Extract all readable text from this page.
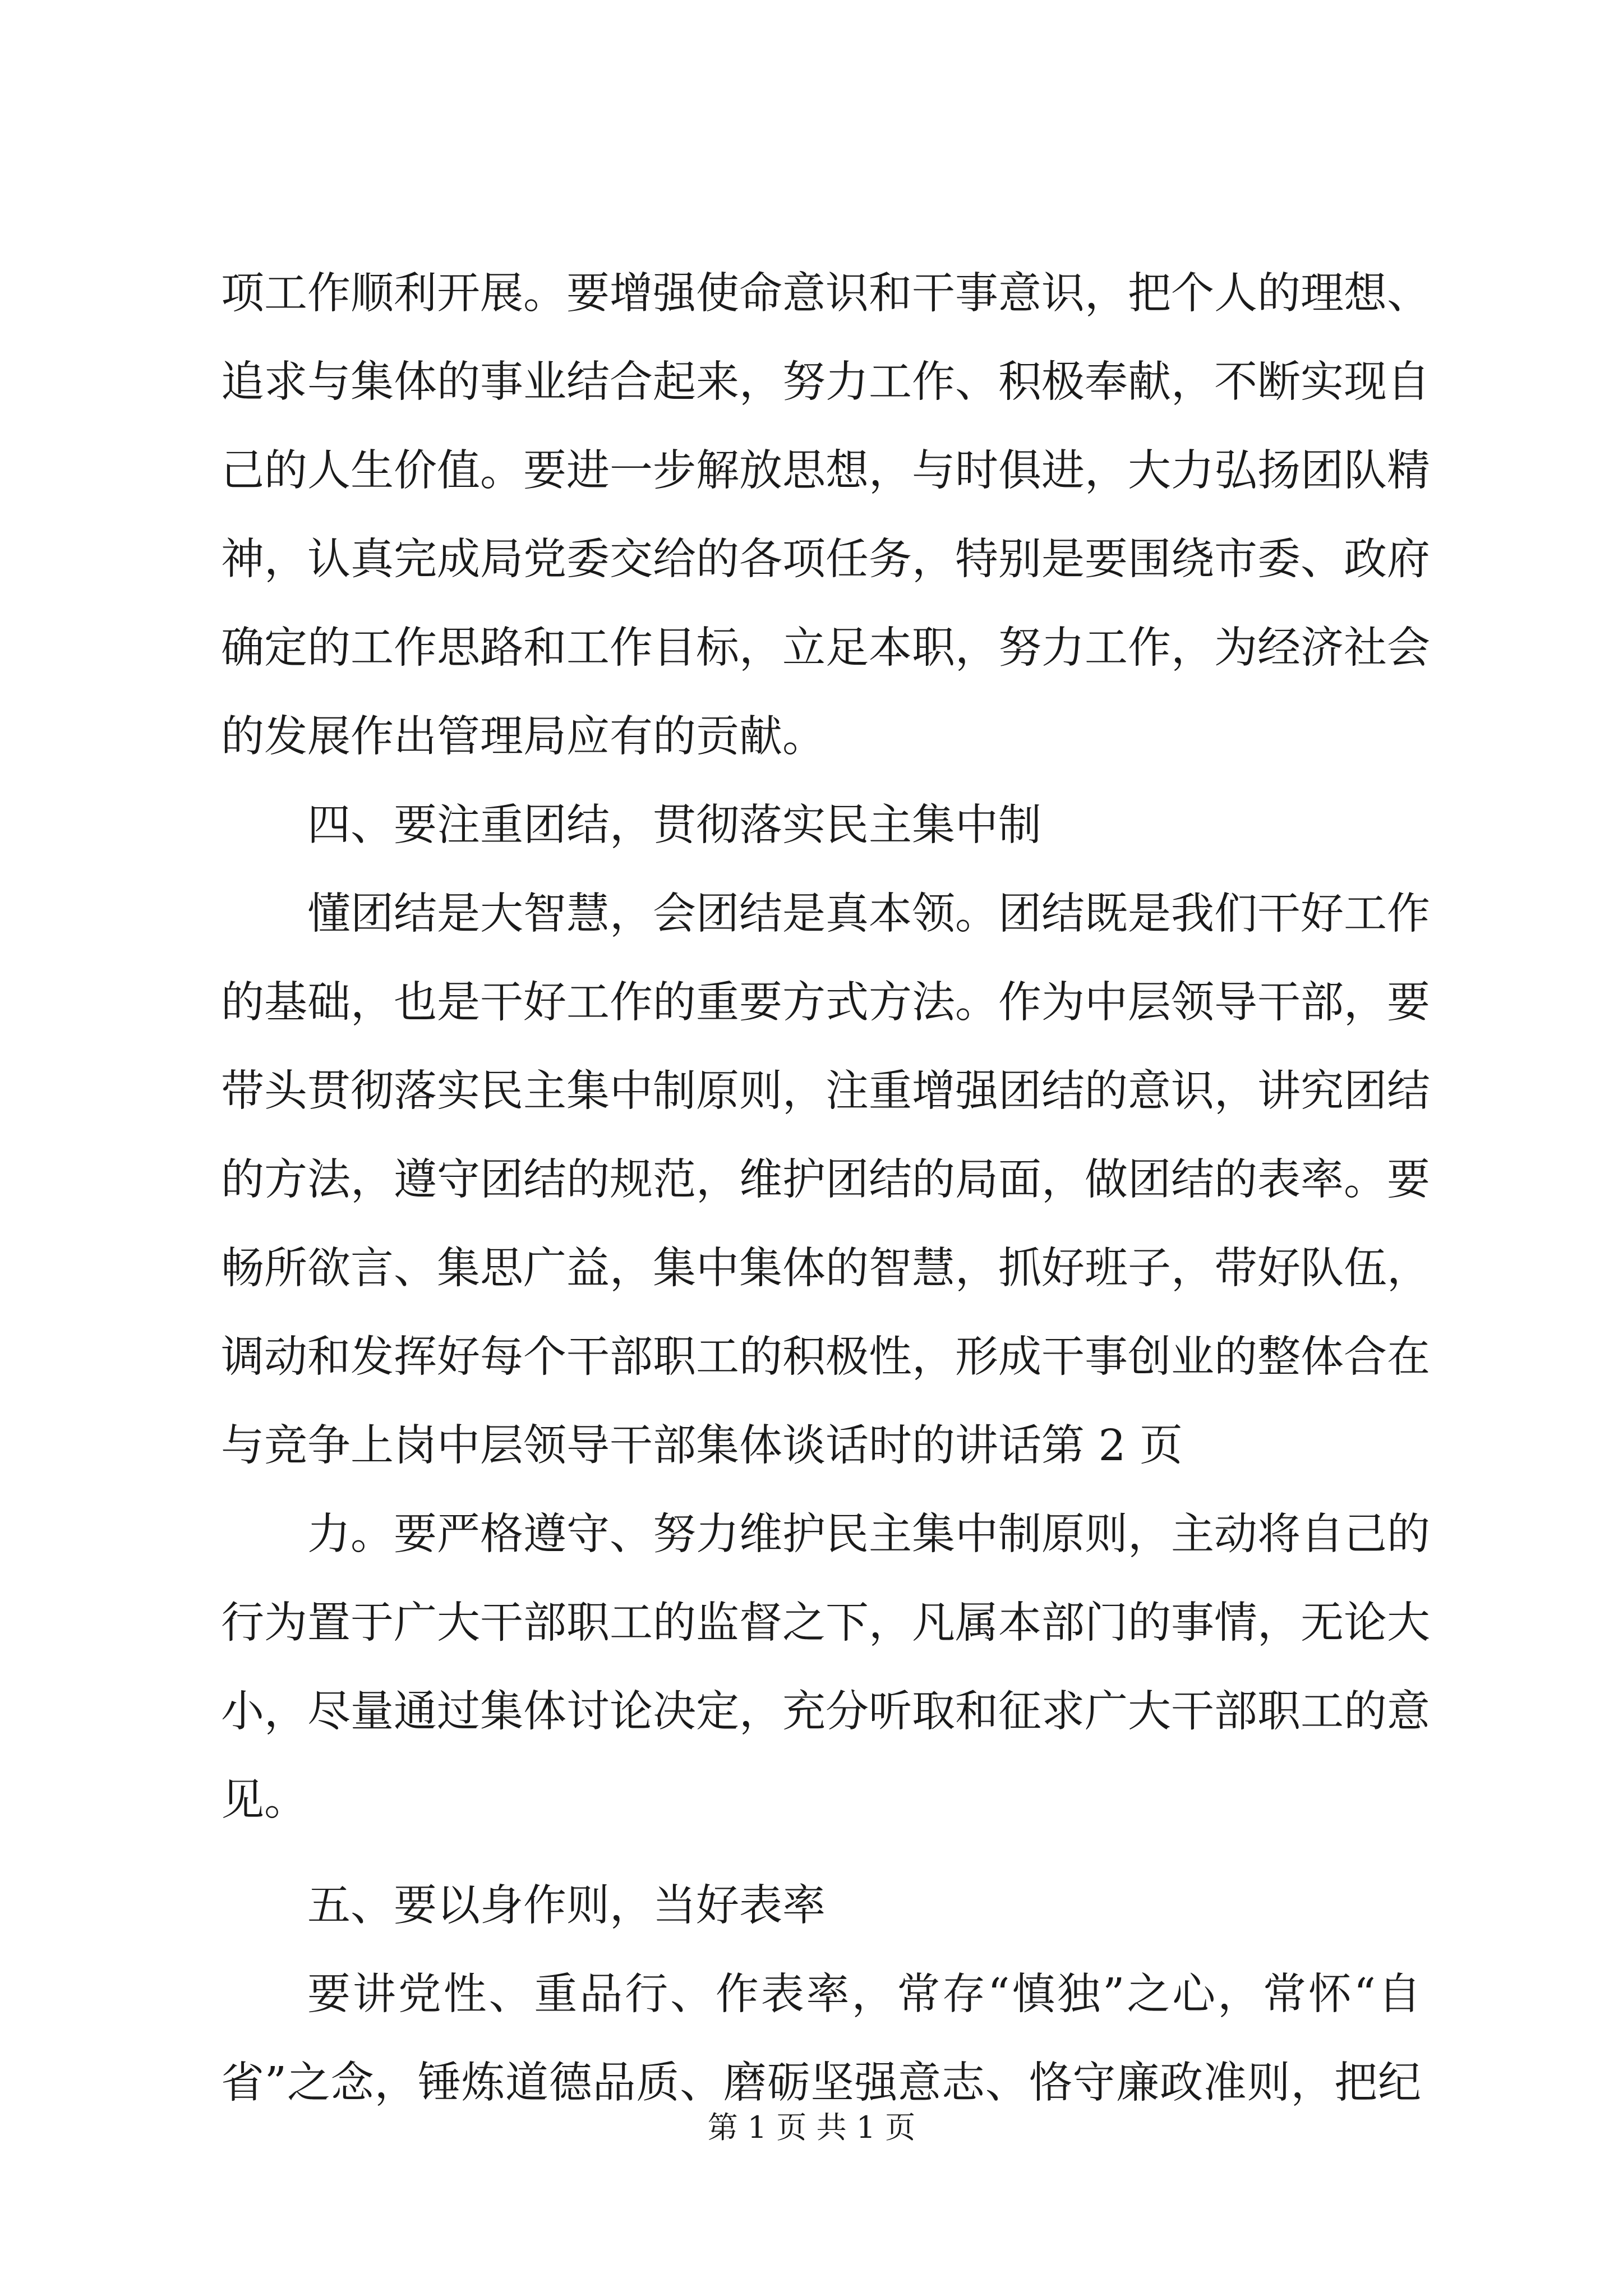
项工作顺利开展。要增强使命意识和干事意识，把个人的理想、
追求与集体的事业结合起来，努力工作、积极奉献，不断实现自
己的人生价值。要进一步解放思想，与时俱进，大力弘扬团队精
神，认真完成局党委交给的各项任务，特别是要围绕市委、政府
确定的工作思路和工作目标，立足本职，努力工作，为经济社会
的发展作出管理局应有的贡献。
四、要注重团结，贯彻落实民主集中制
懂团结是大智慧，会团结是真本领。团结既是我们干好工作
的基础，也是干好工作的重要方式方法。作为中层领导干部，要
带头贯彻落实民主集中制原则，注重增强团结的意识，讲究团结
的方法，遵守团结的规范，维护团结的局面，做团结的表率。要
畅所欲言、集思广益，集中集体的智慧，抓好班子，带好队伍，
调动和发挥好每个干部职工的积极性，形成干事创业的整体合在
与竞争上岗中层领导干部集体谈话时的讲话第 2 页
力。要严格遵守、努力维护民主集中制原则，主动将自己的
行为置于广大干部职工的监督之下，凡属本部门的事情，无论大
小，尽量通过集体讨论决定，充分听取和征求广大干部职工的意
见。
五、要以身作则，当好表率
要讲党性、重品行、作表率，常存“慎独”之心，常怀“自
省”之念，锤炼道德品质、磨砺坚强意志、恪守廉政准则，把纪
第 1 页 共 1 页
